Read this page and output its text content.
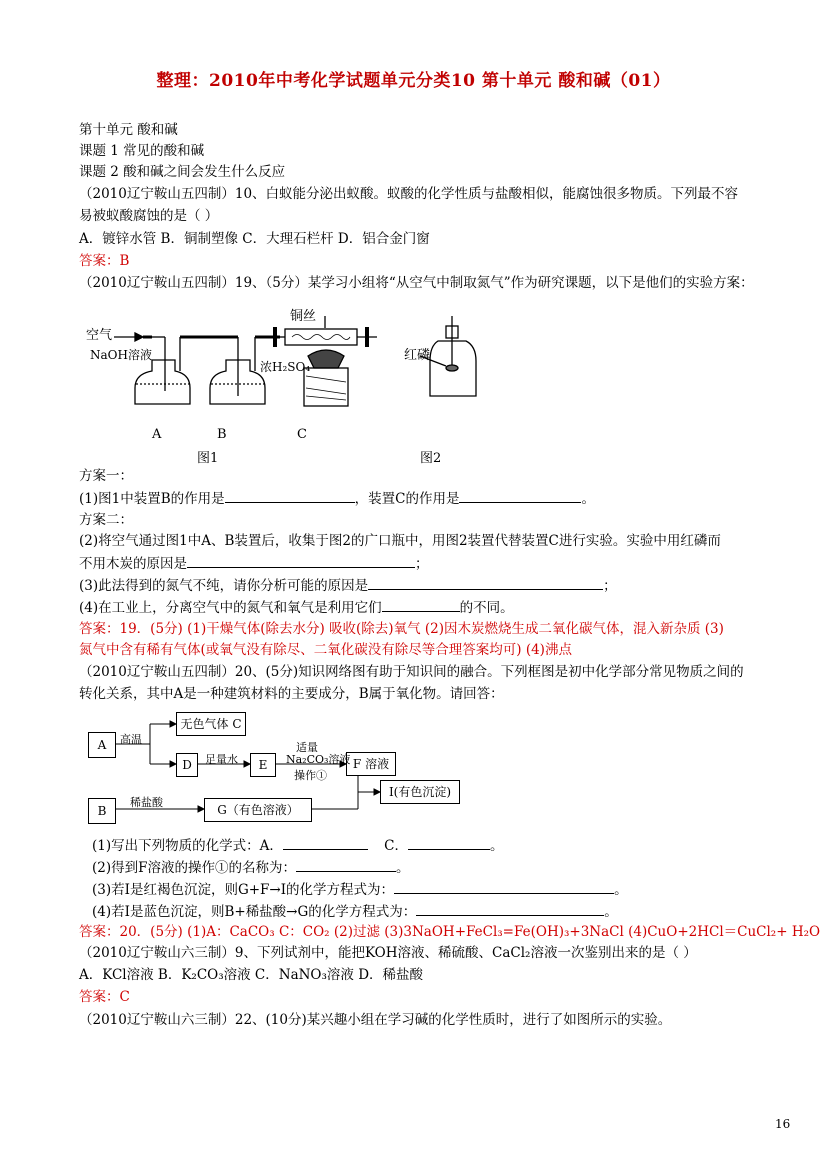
整理：2010年中考化学试题单元分类10 第十单元 酸和碱（01）
第十单元 酸和碱
课题 1 常见的酸和碱
课题 2 酸和碱之间会发生什么反应
（2010辽宁鞍山五四制）10、白蚁能分泌出蚁酸。蚁酸的化学性质与盐酸相似，能腐蚀很多物质。下列最不容
易被蚁酸腐蚀的是（ ）
A．镀锌水管 B．铜制塑像 C．大理石栏杆 D．铝合金门窗
答案：B
（2010辽宁鞍山五四制）19、（5分）某学习小组将“从空气中制取氮气”作为研究课题，以下是他们的实验方案：
铜丝
空气
NaOH溶液
浓H₂SO₄
红磷
A	B	C
图1	图2
方案一：
(1)图1中装置B的作用是	，装置C的作用是	。
方案二：
(2)将空气通过图1中A、B装置后，收集于图2的广口瓶中，用图2装置代替装置C进行实验。实验中用红磷而
不用木炭的原因是	；
(3)此法得到的氮气不纯，请你分析可能的原因是	；
(4)在工业上，分离空气中的氮气和氧气是利用它们	的不同。
答案：19．(5分) (1)干燥气体(除去水分) 吸收(除去)氧气 (2)因木炭燃烧生成二氧化碳气体，混入新杂质 (3)
氮气中含有稀有气体(或氧气没有除尽、二氧化碳没有除尽等合理答案均可) (4)沸点
（2010辽宁鞍山五四制）20、(5分)知识网络图有助于知识间的融合。下列框图是初中化学部分常见物质之间的
转化关系，其中A是一种建筑材料的主要成分，B属于氧化物。请回答：
A
无色气体 C
D	E	F 溶液
B	G（有色溶液）
I(有色沉淀)
高温
足量水
适量
Na₂CO₃溶液
操作①
稀盐酸
(1)写出下列物质的化学式：A．	C．	。
(2)得到F溶液的操作①的名称为：	。
(3)若I是红褐色沉淀，则G+F→I的化学方程式为：	。
(4)若I是蓝色沉淀，则B+稀盐酸→G的化学方程式为：	。
答案：20．(5分) (1)A：CaCO₃ C：CO₂ (2)过滤 (3)3NaOH+FeCl₃=Fe(OH)₃+3NaCl (4)CuO+2HCl＝CuCl₂+ H₂O
（2010辽宁鞍山六三制）9、下列试剂中，能把KOH溶液、稀硫酸、CaCl₂溶液一次鉴别出来的是（ ）
A．KCl溶液 B．K₂CO₃溶液 C．NaNO₃溶液 D．稀盐酸
答案：C
（2010辽宁鞍山六三制）22、(10分)某兴趣小组在学习碱的化学性质时，进行了如图所示的实验。
16
